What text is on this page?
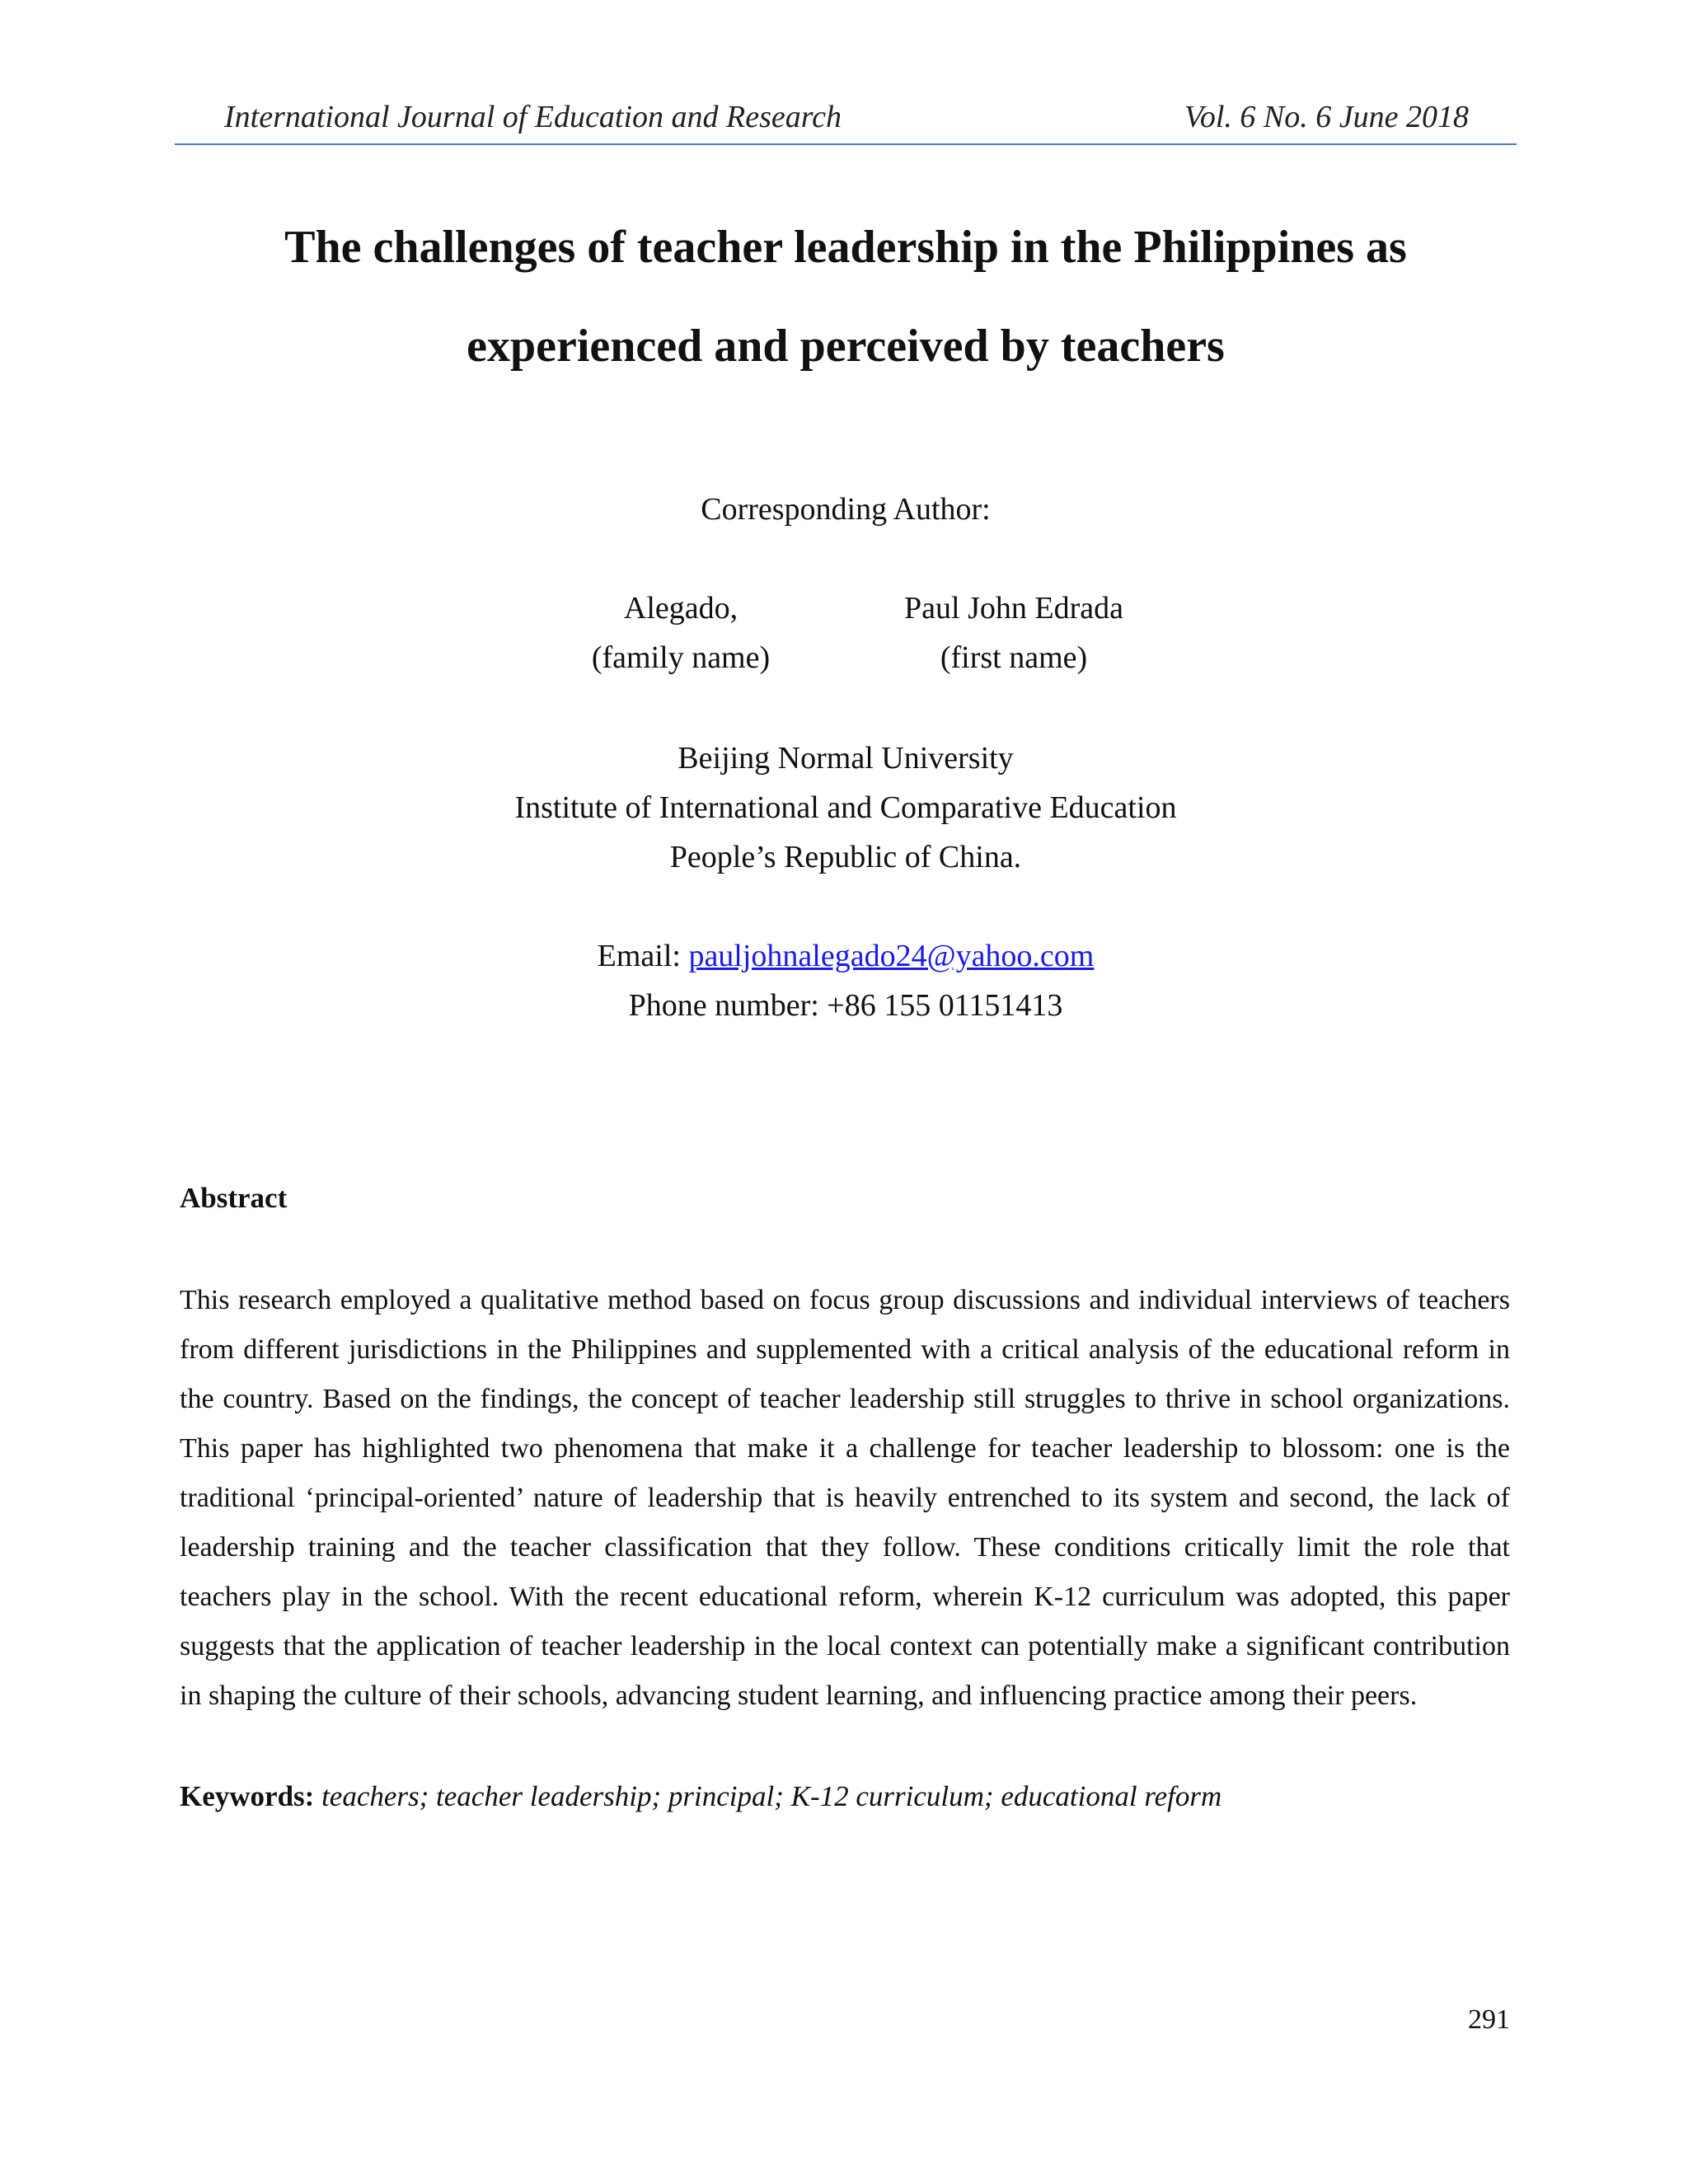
International Journal of Education and Research	Vol. 6 No. 6 June 2018
The challenges of teacher leadership in the Philippines as
experienced and perceived by teachers
Corresponding Author:
Alegado,
(family name)
Paul John Edrada
(first name)
Beijing Normal University
Institute of International and Comparative Education
People’s Republic of China.
Email: pauljohnalegado24@yahoo.com
Phone number: +86 155 01151413
Abstract
This research employed a qualitative method based on focus group discussions and individual interviews of teachers from different jurisdictions in the Philippines and supplemented with a critical analysis of the educational reform in the country. Based on the findings, the concept of teacher leadership still struggles to thrive in school organizations. This paper has highlighted two phenomena that make it a challenge for teacher leadership to blossom: one is the traditional ‘principal-oriented’ nature of leadership that is heavily entrenched to its system and second, the lack of leadership training and the teacher classification that they follow. These conditions critically limit the role that teachers play in the school. With the recent educational reform, wherein K-12 curriculum was adopted, this paper suggests that the application of teacher leadership in the local context can potentially make a significant contribution in shaping the culture of their schools, advancing student learning, and influencing practice among their peers.
Keywords: teachers; teacher leadership; principal; K-12 curriculum; educational reform
291
